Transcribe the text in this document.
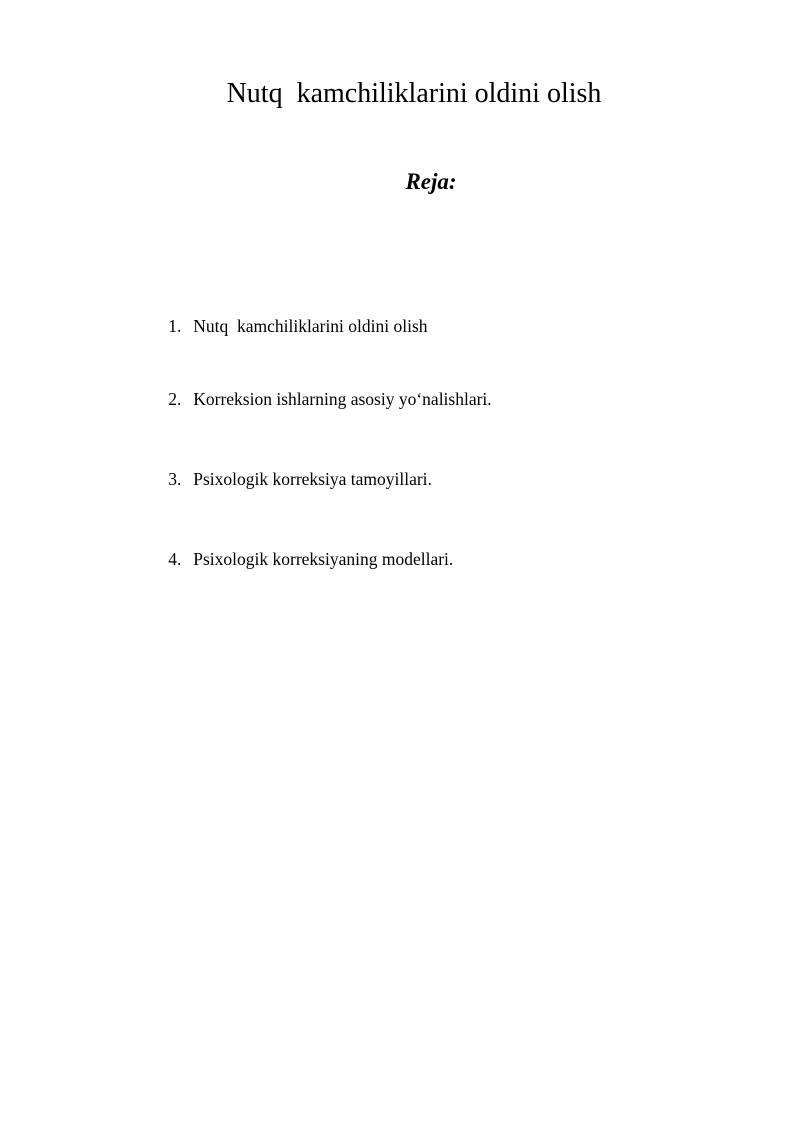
Nutq  kamchiliklarini oldini olish
Reja:

1. Nutq  kamchiliklarini oldini olish

2. Korreksion ishlarning asosiy yo‘nalishlari.

3. Psixologik korreksiya tamoyillari.

4. Psixologik korreksiyaning modellari.
